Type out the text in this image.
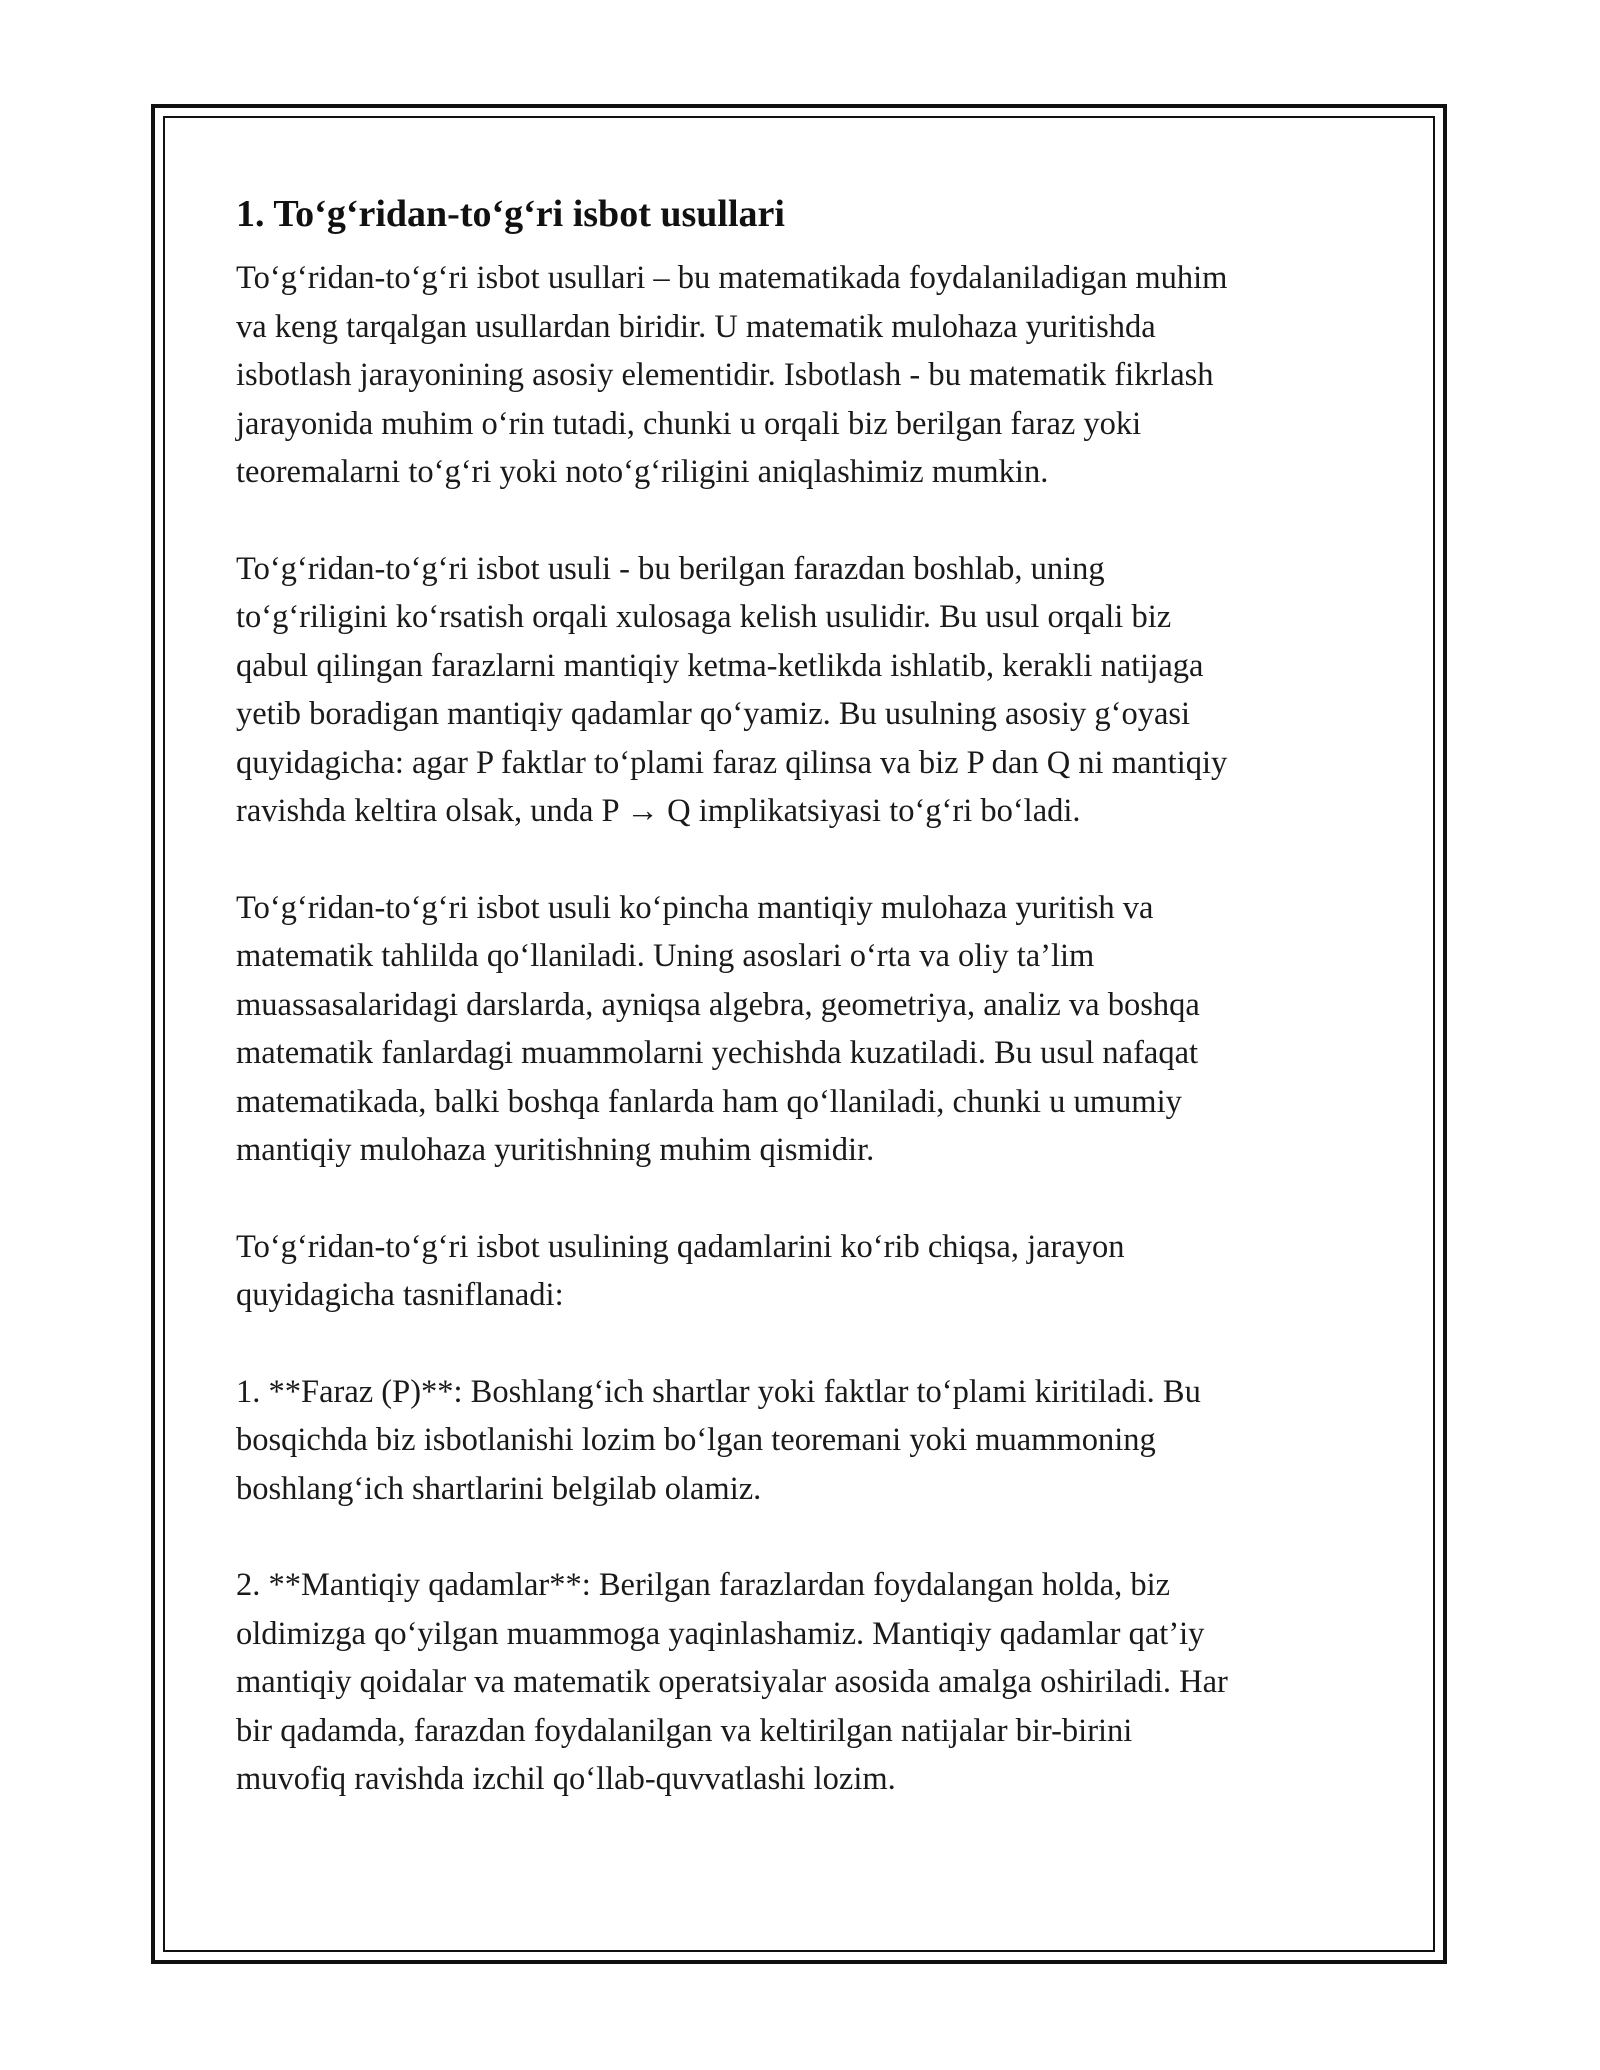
1. To‘g‘ridan-to‘g‘ri isbot usullari

To‘g‘ridan-to‘g‘ri isbot usullari – bu matematikada foydalaniladigan muhim
va keng tarqalgan usullardan biridir. U matematik mulohaza yuritishda
isbotlash jarayonining asosiy elementidir. Isbotlash - bu matematik fikrlash
jarayonida muhim o‘rin tutadi, chunki u orqali biz berilgan faraz yoki
teoremalarni to‘g‘ri yoki noto‘g‘riligini aniqlashimiz mumkin.

To‘g‘ridan-to‘g‘ri isbot usuli - bu berilgan farazdan boshlab, uning
to‘g‘riligini ko‘rsatish orqali xulosaga kelish usulidir. Bu usul orqali biz
qabul qilingan farazlarni mantiqiy ketma-ketlikda ishlatib, kerakli natijaga
yetib boradigan mantiqiy qadamlar qo‘yamiz. Bu usulning asosiy g‘oyasi
quyidagicha: agar P faktlar to‘plami faraz qilinsa va biz P dan Q ni mantiqiy
ravishda keltira olsak, unda P → Q implikatsiyasi to‘g‘ri bo‘ladi.

To‘g‘ridan-to‘g‘ri isbot usuli ko‘pincha mantiqiy mulohaza yuritish va
matematik tahlilda qo‘llaniladi. Uning asoslari o‘rta va oliy ta’lim
muassasalaridagi darslarda, ayniqsa algebra, geometriya, analiz va boshqa
matematik fanlardagi muammolarni yechishda kuzatiladi. Bu usul nafaqat
matematikada, balki boshqa fanlarda ham qo‘llaniladi, chunki u umumiy
mantiqiy mulohaza yuritishning muhim qismidir.

To‘g‘ridan-to‘g‘ri isbot usulining qadamlarini ko‘rib chiqsa, jarayon
quyidagicha tasniflanadi:

1. **Faraz (P)**: Boshlang‘ich shartlar yoki faktlar to‘plami kiritiladi. Bu
bosqichda biz isbotlanishi lozim bo‘lgan teoremani yoki muammoning
boshlang‘ich shartlarini belgilab olamiz.

2. **Mantiqiy qadamlar**: Berilgan farazlardan foydalangan holda, biz
oldimizga qo‘yilgan muammoga yaqinlashamiz. Mantiqiy qadamlar qat’iy
mantiqiy qoidalar va matematik operatsiyalar asosida amalga oshiriladi. Har
bir qadamda, farazdan foydalanilgan va keltirilgan natijalar bir-birini
muvofiq ravishda izchil qo‘llab-quvvatlashi lozim.
